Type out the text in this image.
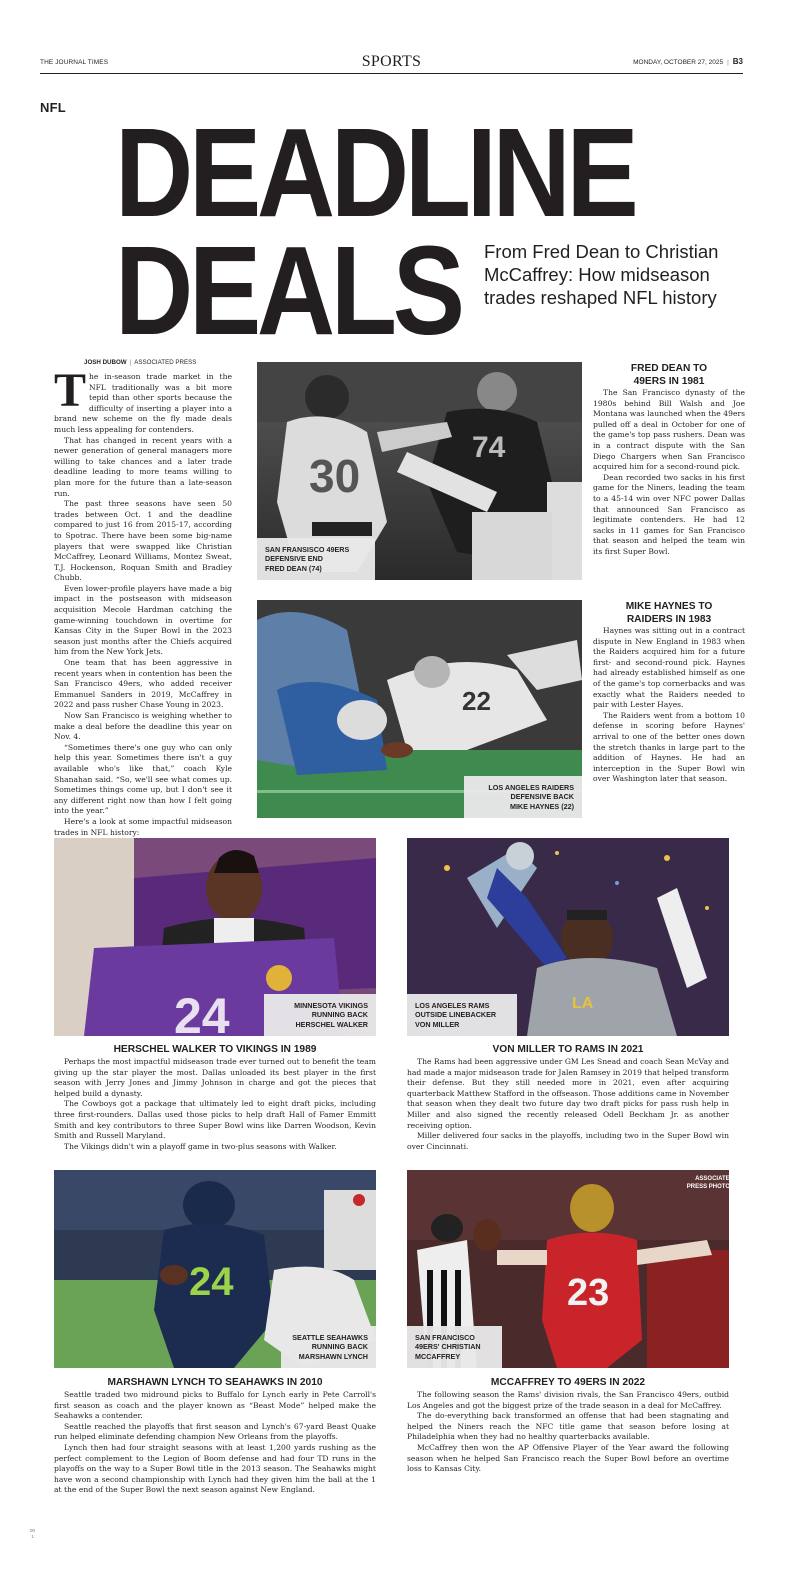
THE JOURNAL TIMES	SPORTS	MONDAY, OCTOBER 27, 2025 | B3
NFL DEADLINE
DEALS From Fred Dean to Christian McCaffrey: How midseason trades reshaped NFL history
JOSH DUBOW | ASSOCIATED PRESS
T he in-season trade market in the NFL traditionally was a bit more tepid than other sports because the difficulty of inserting a player into a brand new scheme on the fly made deals much less appealing for contenders.

That has changed in recent years with a newer generation of general managers more willing to take chances and a later trade deadline leading to more teams willing to plan more for the future than a late-season run.

The past three seasons have seen 50 trades between Oct. 1 and the deadline compared to just 16 from 2015-17, according to Spotrac. There have been some big-name players that were swapped like Christian McCaffrey, Leonard Williams, Montez Sweat, T.J. Hockenson, Roquan Smith and Bradley Chubb.

Even lower-profile players have made a big impact in the postseason with midseason acquisition Mecole Hardman catching the game-winning touchdown in overtime for Kansas City in the Super Bowl in the 2023 season just months after the Chiefs acquired him from the New York Jets.

One team that has been aggressive in recent years when in contention has been the San Francisco 49ers, who added receiver Emmanuel Sanders in 2019, McCaffrey in 2022 and pass rusher Chase Young in 2023.

Now San Francisco is weighing whether to make a deal before the deadline this year on Nov. 4.

“Sometimes there's one guy who can only help this year. Sometimes there isn't a guy available who's like that,” coach Kyle Shanahan said. “So, we'll see what comes up. Sometimes things come up, but I don't see it any different right now than how I felt going into the year.”

Here's a look at some impactful midseason trades in NFL history:

30
74
SAN FRANSISCO 49ERS
DEFENSIVE END
FRED DEAN (74)
22
LOS ANGELES RAIDERS
DEFENSIVE BACK
MIKE HAYNES (22)
FRED DEAN TO
49ERS IN 1981

The San Francisco dynasty of the 1980s behind Bill Walsh and Joe Montana was launched when the 49ers pulled off a deal in October for one of the game's top pass rushers. Dean was in a contract dispute with the San Diego Chargers when San Francisco acquired him for a second-round pick.

Dean recorded two sacks in his first game for the Niners, leading the team to a 45-14 win over NFC power Dallas that announced San Francisco as legitimate contenders. He had 12 sacks in 11 games for San Francisco that season and helped the team win its first Super Bowl.

MIKE HAYNES TO
RAIDERS IN 1983

Haynes was sitting out in a contract dispute in New England in 1983 when the Raiders acquired him for a future first- and second-round pick. Haynes had already established himself as one of the game's top cornerbacks and was exactly what the Raiders needed to pair with Lester Hayes.

The Raiders went from a bottom 10 defense in scoring before Haynes' arrival to one of the better ones down the stretch thanks in large part to the addition of Haynes. He had an interception in the Super Bowl win over Washington later that season.

24	MINNESOTA VIKINGS
RUNNING BACK
HERSCHEL WALKER
LA
LOS ANGELES RAMS
OUTSIDE LINEBACKER
VON MILLER
HERSCHEL WALKER TO VIKINGS IN 1989

Perhaps the most impactful midseason trade ever turned out to benefit the team giving up the star player the most. Dallas unloaded its best player in the first season with Jerry Jones and Jimmy Johnson in charge and got the pieces that helped build a dynasty.

The Cowboys got a package that ultimately led to eight draft picks, including three first-rounders. Dallas used those picks to help draft Hall of Famer Emmitt Smith and key contributors to three Super Bowl wins like Darren Woodson, Kevin Smith and Russell Maryland.

The Vikings didn't win a playoff game in two-plus seasons with Walker.

VON MILLER TO RAMS IN 2021

The Rams had been aggressive under GM Les Snead and coach Sean McVay and had made a major midseason trade for Jalen Ramsey in 2019 that helped transform their defense. But they still needed more in 2021, even after acquiring quarterback Matthew Stafford in the offseason. Those additions came in November that season when they dealt two future day two draft picks for pass rush help in Miller and also signed the recently released Odell Beckham Jr. as another receiving option.

Miller delivered four sacks in the playoffs, including two in the Super Bowl win over Cincinnati.

24
SEATTLE SEAHAWKS
RUNNING BACK
MARSHAWN LYNCH
23
SAN FRANCISCO
49ERS' CHRISTIAN
MCCAFFREY
ASSOCIATED
PRESS PHOTOS
MARSHAWN LYNCH TO SEAHAWKS IN 2010

Seattle traded two midround picks to Buffalo for Lynch early in Pete Carroll's first season as coach and the player known as “Beast Mode” helped make the Seahawks a contender.

Seattle reached the playoffs that first season and Lynch's 67-yard Beast Quake run helped eliminate defending champion New Orleans from the playoffs.

Lynch then had four straight seasons with at least 1,200 yards rushing as the perfect complement to the Legion of Boom defense and had four TD runs in the playoffs on the way to a Super Bowl title in the 2013 season. The Seahawks might have won a second championship with Lynch had they given him the ball at the 1 at the end of the Super Bowl the next season against New England.

MCCAFFREY TO 49ERS IN 2022

The following season the Rams' division rivals, the San Francisco 49ers, outbid Los Angeles and got the biggest prize of the trade season in a deal for McCaffrey.

The do-everything back transformed an offense that had been stagnating and helped the Niners reach the NFC title game that season before losing at Philadelphia when they had no healthy quarterbacks available.

McCaffrey then won the AP Offensive Player of the Year award the following season when he helped San Francisco reach the Super Bowl before an overtime loss to Kansas City.

00
1
